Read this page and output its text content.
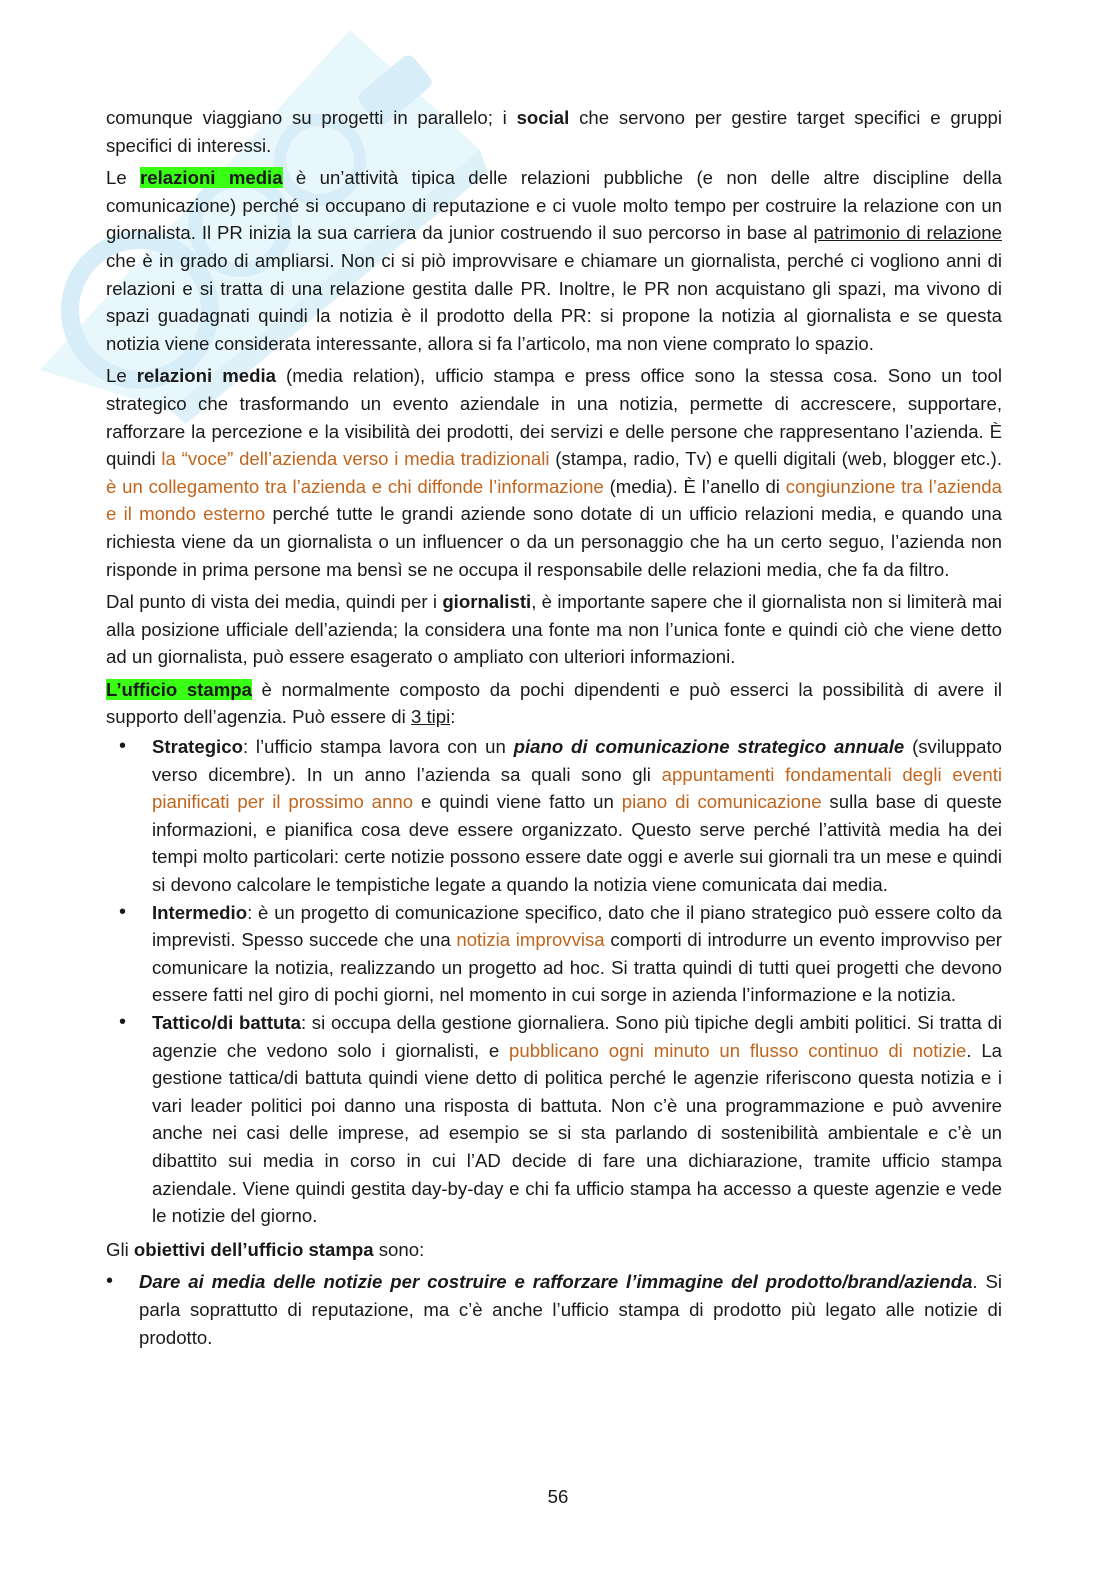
comunque viaggiano su progetti in parallelo; i social che servono per gestire target specifici e gruppi specifici di interessi.

Le relazioni media è un’attività tipica delle relazioni pubbliche (e non delle altre discipline della comunicazione) perché si occupano di reputazione e ci vuole molto tempo per costruire la relazione con un giornalista. Il PR inizia la sua carriera da junior costruendo il suo percorso in base al patrimonio di relazione che è in grado di ampliarsi. Non ci si piò improvvisare e chiamare un giornalista, perché ci vogliono anni di relazioni e si tratta di una relazione gestita dalle PR. Inoltre, le PR non acquistano gli spazi, ma vivono di spazi guadagnati quindi la notizia è il prodotto della PR: si propone la notizia al giornalista e se questa notizia viene considerata interessante, allora si fa l’articolo, ma non viene comprato lo spazio.

Le relazioni media (media relation), ufficio stampa e press office sono la stessa cosa. Sono un tool strategico che trasformando un evento aziendale in una notizia, permette di accrescere, supportare, rafforzare la percezione e la visibilità dei prodotti, dei servizi e delle persone che rappresentano l’azienda. È quindi la “voce” dell’azienda verso i media tradizionali (stampa, radio, Tv) e quelli digitali (web, blogger etc.). è un collegamento tra l’azienda e chi diffonde l’informazione (media). È l’anello di congiunzione tra l’azienda e il mondo esterno perché tutte le grandi aziende sono dotate di un ufficio relazioni media, e quando una richiesta viene da un giornalista o un influencer o da un personaggio che ha un certo seguo, l’azienda non risponde in prima persone ma bensì se ne occupa il responsabile delle relazioni media, che fa da filtro.

Dal punto di vista dei media, quindi per i giornalisti, è importante sapere che il giornalista non si limiterà mai alla posizione ufficiale dell’azienda; la considera una fonte ma non l’unica fonte e quindi ciò che viene detto ad un giornalista, può essere esagerato o ampliato con ulteriori informazioni.

L’ufficio stampa è normalmente composto da pochi dipendenti e può esserci la possibilità di avere il supporto dell’agenzia. Può essere di 3 tipi:

• Strategico: l’ufficio stampa lavora con un piano di comunicazione strategico annuale (sviluppato verso dicembre). In un anno l’azienda sa quali sono gli appuntamenti fondamentali degli eventi pianificati per il prossimo anno e quindi viene fatto un piano di comunicazione sulla base di queste informazioni, e pianifica cosa deve essere organizzato. Questo serve perché l’attività media ha dei tempi molto particolari: certe notizie possono essere date oggi e averle sui giornali tra un mese e quindi si devono calcolare le tempistiche legate a quando la notizia viene comunicata dai media.
• Intermedio: è un progetto di comunicazione specifico, dato che il piano strategico può essere colto da imprevisti. Spesso succede che una notizia improvvisa comporti di introdurre un evento improvviso per comunicare la notizia, realizzando un progetto ad hoc. Si tratta quindi di tutti quei progetti che devono essere fatti nel giro di pochi giorni, nel momento in cui sorge in azienda l’informazione e la notizia.
• Tattico/di battuta: si occupa della gestione giornaliera. Sono più tipiche degli ambiti politici. Si tratta di agenzie che vedono solo i giornalisti, e pubblicano ogni minuto un flusso continuo di notizie. La gestione tattica/di battuta quindi viene detto di politica perché le agenzie riferiscono questa notizia e i vari leader politici poi danno una risposta di battuta. Non c’è una programmazione e può avvenire anche nei casi delle imprese, ad esempio se si sta parlando di sostenibilità ambientale e c’è un dibattito sui media in corso in cui l’AD decide di fare una dichiarazione, tramite ufficio stampa aziendale. Viene quindi gestita day-by-day e chi fa ufficio stampa ha accesso a queste agenzie e vede le notizie del giorno.

Gli obiettivi dell’ufficio stampa sono:

• Dare ai media delle notizie per costruire e rafforzare l’immagine del prodotto/brand/azienda. Si parla soprattutto di reputazione, ma c’è anche l’ufficio stampa di prodotto più legato alle notizie di prodotto.
56
